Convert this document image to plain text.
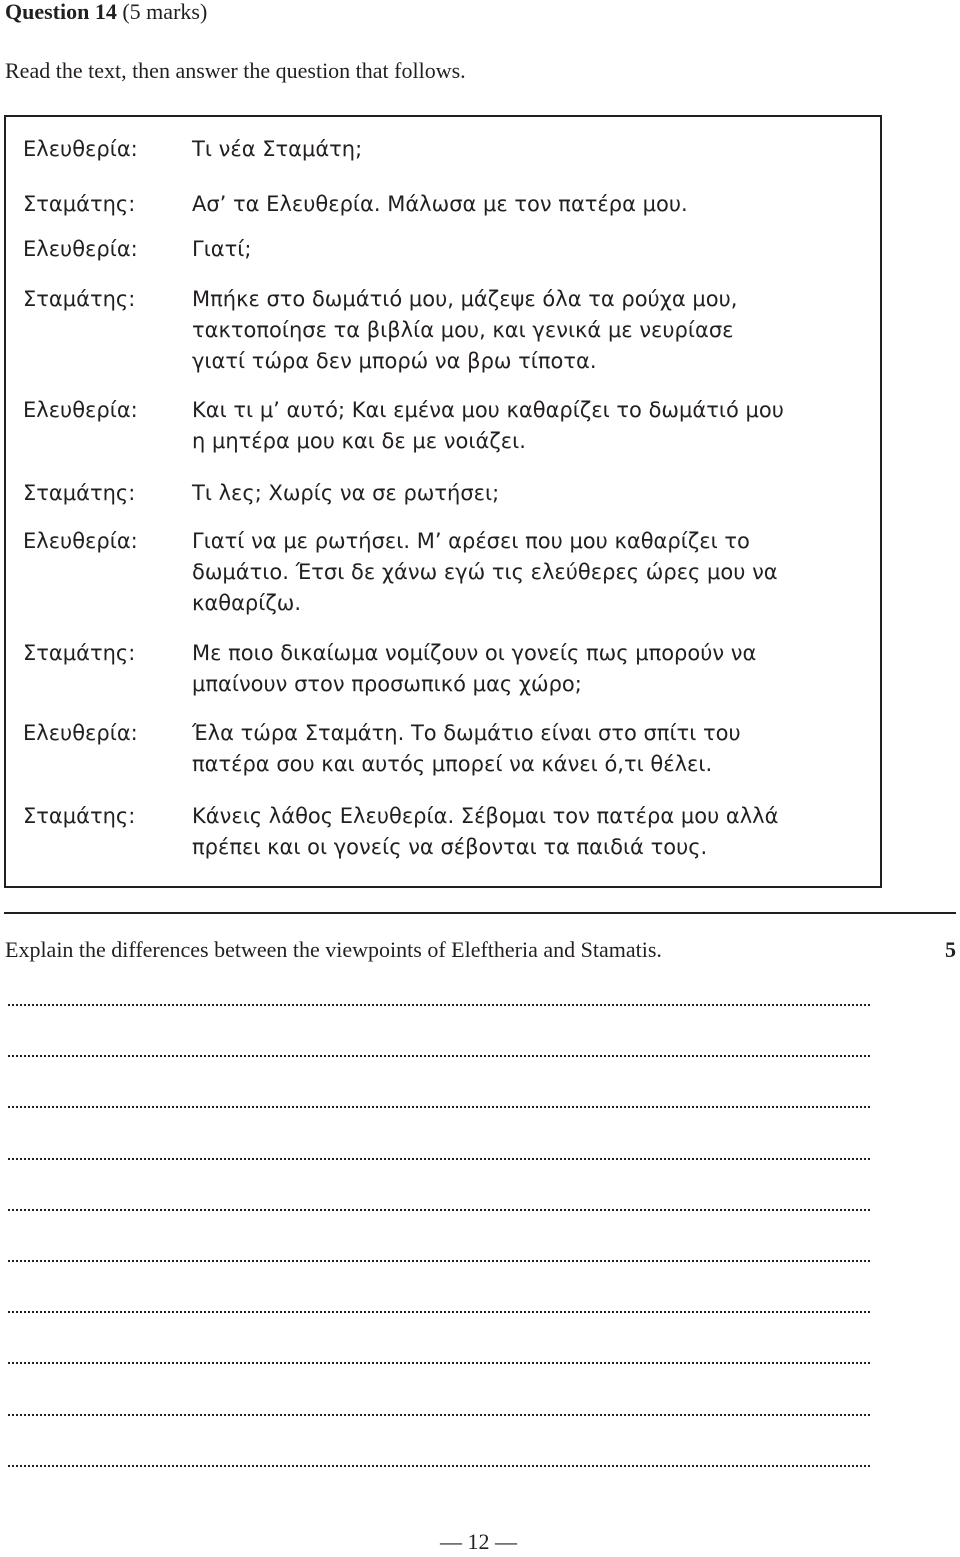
Question 14 (5 marks)
Read the text, then answer the question that follows.
Ελευθερία:	Τι νέα Σταμάτη;
Σταμάτης:	Ασ’ τα Ελευθερία. Μάλωσα με τον πατέρα μου.
Ελευθερία:	Γιατί;
Σταμάτης:	Μπήκε στο δωμάτιό μου, μάζεψε όλα τα ρούχα μου,
τακτοποίησε τα βιβλία μου, και γενικά με νευρίασε
γιατί τώρα δεν μπορώ να βρω τίποτα.
Ελευθερία:	Και τι μ’ αυτό; Και εμένα μου καθαρίζει το δωμάτιό μου
η μητέρα μου και δε με νοιάζει.
Σταμάτης:	Τι λες; Χωρίς να σε ρωτήσει;
Ελευθερία:	Γιατί να με ρωτήσει. Μ’ αρέσει που μου καθαρίζει το
δωμάτιο. Έτσι δε χάνω εγώ τις ελεύθερες ώρες μου να
καθαρίζω.
Σταμάτης:	Με ποιο δικαίωμα νομίζουν οι γονείς πως μπορούν να
μπαίνουν στον προσωπικό μας χώρο;
Ελευθερία:	Έλα τώρα Σταμάτη. Το δωμάτιο είναι στο σπίτι του
πατέρα σου και αυτός μπορεί να κάνει ό,τι θέλει.
Σταμάτης:	Κάνεις λάθος Ελευθερία. Σέβομαι τον πατέρα μου αλλά
πρέπει και οι γονείς να σέβονται τα παιδιά τους.
Explain the differences between the viewpoints of Eleftheria and Stamatis.	5
— 12 —
